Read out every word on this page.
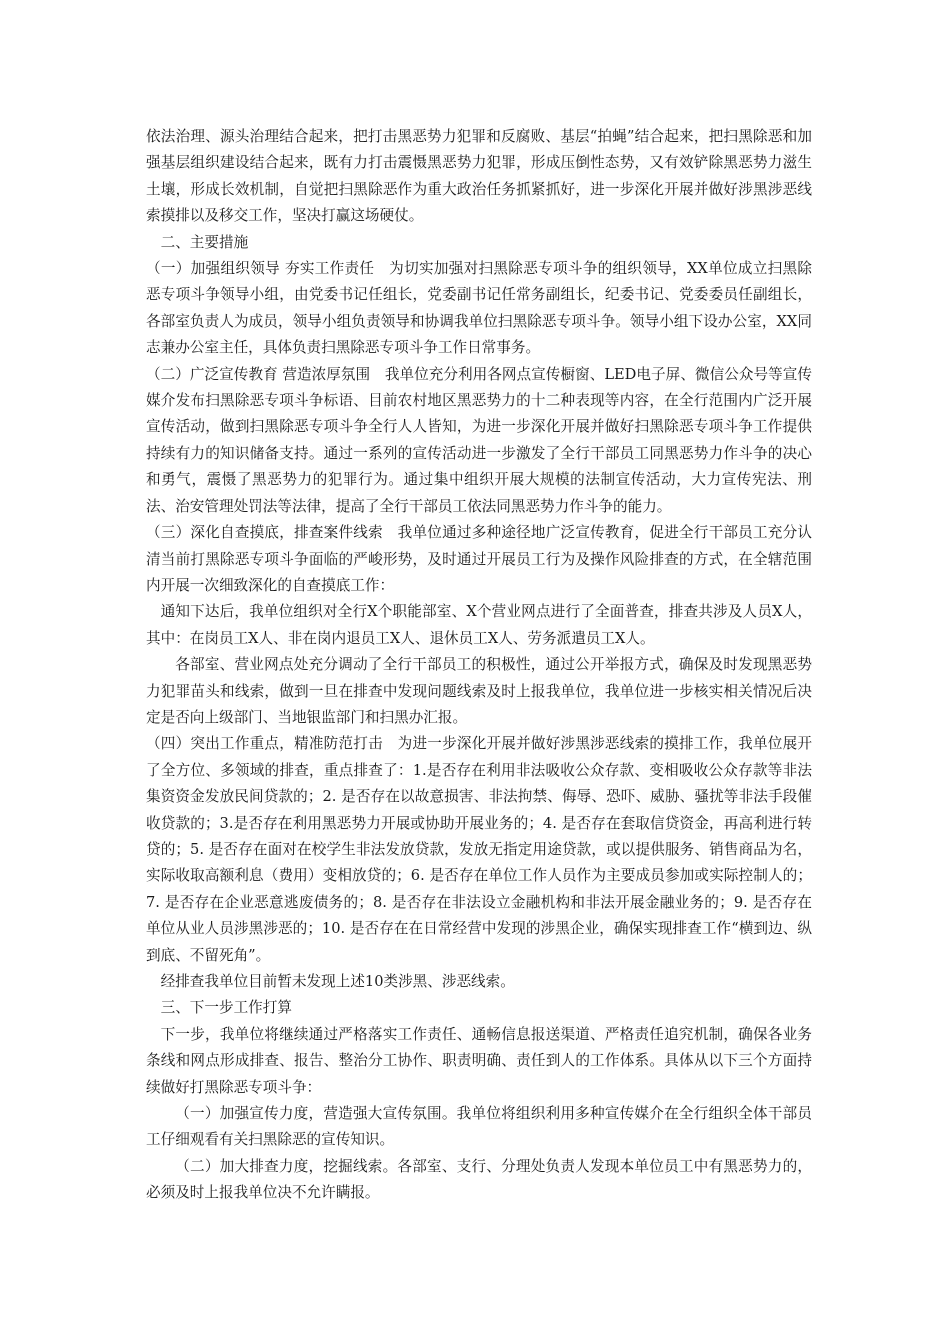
依法治理、源头治理结合起来，把打击黑恶势力犯罪和反腐败、基层“拍蝇”结合起来，把扫黑除恶和加强基层组织建设结合起来，既有力打击震慑黑恶势力犯罪，形成压倒性态势，又有效铲除黑恶势力滋生土壤，形成长效机制，自觉把扫黑除恶作为重大政治任务抓紧抓好，进一步深化开展并做好涉黑涉恶线索摸排以及移交工作，坚决打赢这场硬仗。

二、主要措施

（一）加强组织领导 夯实工作责任　为切实加强对扫黑除恶专项斗争的组织领导，XX单位成立扫黑除恶专项斗争领导小组，由党委书记任组长，党委副书记任常务副组长，纪委书记、党委委员任副组长，各部室负责人为成员，领导小组负责领导和协调我单位扫黑除恶专项斗争。领导小组下设办公室，XX同志兼办公室主任，具体负责扫黑除恶专项斗争工作日常事务。

（二）广泛宣传教育 营造浓厚氛围　我单位充分利用各网点宣传橱窗、LED电子屏、微信公众号等宣传媒介发布扫黑除恶专项斗争标语、目前农村地区黑恶势力的十二种表现等内容，在全行范围内广泛开展宣传活动，做到扫黑除恶专项斗争全行人人皆知，为进一步深化开展并做好扫黑除恶专项斗争工作提供持续有力的知识储备支持。通过一系列的宣传活动进一步激发了全行干部员工同黑恶势力作斗争的决心和勇气，震慑了黑恶势力的犯罪行为。通过集中组织开展大规模的法制宣传活动，大力宣传宪法、刑法、治安管理处罚法等法律，提高了全行干部员工依法同黑恶势力作斗争的能力。

（三）深化自查摸底，排查案件线索　我单位通过多种途径地广泛宣传教育，促进全行干部员工充分认清当前打黑除恶专项斗争面临的严峻形势，及时通过开展员工行为及操作风险排查的方式，在全辖范围内开展一次细致深化的自查摸底工作：

通知下达后，我单位组织对全行X个职能部室、X个营业网点进行了全面普查，排查共涉及人员X人，其中：在岗员工X人、非在岗内退员工X人、退休员工X人、劳务派遣员工X人。

各部室、营业网点处充分调动了全行干部员工的积极性，通过公开举报方式，确保及时发现黑恶势力犯罪苗头和线索，做到一旦在排查中发现问题线索及时上报我单位，我单位进一步核实相关情况后决定是否向上级部门、当地银监部门和扫黑办汇报。

（四）突出工作重点，精准防范打击　为进一步深化开展并做好涉黑涉恶线索的摸排工作，我单位展开了全方位、多领域的排查，重点排查了：1.是否存在利用非法吸收公众存款、变相吸收公众存款等非法集资资金发放民间贷款的；2. 是否存在以故意损害、非法拘禁、侮辱、恐吓、威胁、骚扰等非法手段催收贷款的；3.是否存在利用黑恶势力开展或协助开展业务的；4. 是否存在套取信贷资金，再高利进行转贷的；5. 是否存在面对在校学生非法发放贷款，发放无指定用途贷款，或以提供服务、销售商品为名，实际收取高额利息（费用）变相放贷的；6. 是否存在单位工作人员作为主要成员参加或实际控制人的；7. 是否存在企业恶意逃废债务的；8. 是否存在非法设立金融机构和非法开展金融业务的；9. 是否存在单位从业人员涉黑涉恶的；10. 是否存在在日常经营中发现的涉黑企业，确保实现排查工作“横到边、纵到底、不留死角”。

经排查我单位目前暂未发现上述10类涉黑、涉恶线索。

三、下一步工作打算

下一步，我单位将继续通过严格落实工作责任、通畅信息报送渠道、严格责任追究机制，确保各业务条线和网点形成排查、报告、整治分工协作、职责明确、责任到人的工作体系。具体从以下三个方面持续做好打黑除恶专项斗争：

（一）加强宣传力度，营造强大宣传氛围。我单位将组织利用多种宣传媒介在全行组织全体干部员工仔细观看有关扫黑除恶的宣传知识。

（二）加大排查力度，挖掘线索。各部室、支行、分理处负责人发现本单位员工中有黑恶势力的，必须及时上报我单位决不允许瞒报。
